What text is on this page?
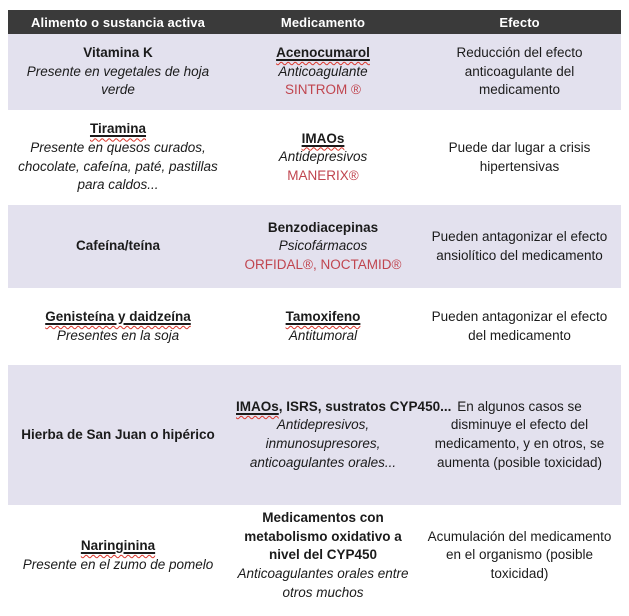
Alimento o sustancia activa	Medicamento	Efecto
Vitamina K
Presente en vegetales de hoja verde
Acenocumarol
Anticoagulante
SINTROM ®
Reducción del efecto anticoagulante del medicamento
Tiramina
Presente en quesos curados, chocolate, cafeína, paté, pastillas para caldos...
IMAOs
Antidepresivos
MANERIX®
Puede dar lugar a crisis hipertensivas
Cafeína/teína
Benzodiacepinas
Psicofármacos
ORFIDAL®, NOCTAMID®
Pueden antagonizar el efecto ansiolítico del medicamento
Genisteína y daidzeína
Presentes en la soja
Tamoxifeno
Antitumoral
Pueden antagonizar el efecto del medicamento
Hierba de San Juan o hipérico
IMAOs, ISRS, sustratos CYP450...
Antidepresivos, inmunosupresores, anticoagulantes orales...
En algunos casos se disminuye el efecto del medicamento, y en otros, se aumenta (posible toxicidad)
Naringinina
Presente en el zumo de pomelo
Medicamentos con metabolismo oxidativo a nivel del CYP450
Anticoagulantes orales entre otros muchos
Acumulación del medicamento en el organismo (posible toxicidad)
